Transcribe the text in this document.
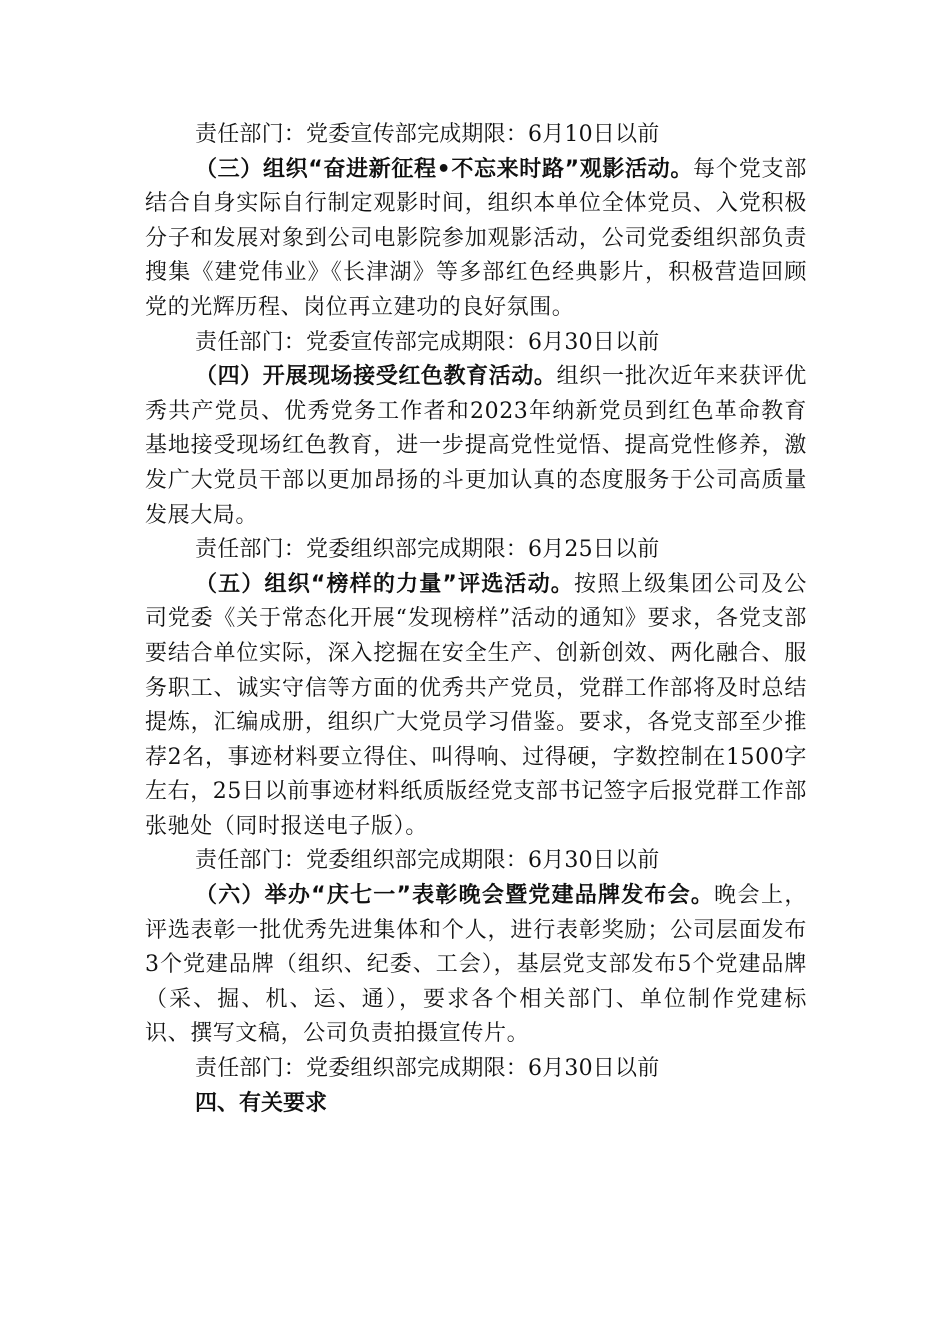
责任部门：党委宣传部完成期限：6月10日以前

（三）组织“奋进新征程•不忘来时路”观影活动。每个党支部结合自身实际自行制定观影时间，组织本单位全体党员、入党积极分子和发展对象到公司电影院参加观影活动，公司党委组织部负责搜集《建党伟业》《长津湖》等多部红色经典影片，积极营造回顾党的光辉历程、岗位再立建功的良好氛围。

责任部门：党委宣传部完成期限：6月30日以前

（四）开展现场接受红色教育活动。组织一批次近年来获评优秀共产党员、优秀党务工作者和2023年纳新党员到红色革命教育基地接受现场红色教育，进一步提高党性觉悟、提高党性修养，激发广大党员干部以更加昂扬的斗更加认真的态度服务于公司高质量发展大局。

责任部门：党委组织部完成期限：6月25日以前

（五）组织“榜样的力量”评选活动。按照上级集团公司及公司党委《关于常态化开展“发现榜样”活动的通知》要求，各党支部要结合单位实际，深入挖掘在安全生产、创新创效、两化融合、服务职工、诚实守信等方面的优秀共产党员，党群工作部将及时总结提炼，汇编成册，组织广大党员学习借鉴。要求，各党支部至少推荐2名，事迹材料要立得住、叫得响、过得硬，字数控制在1500字左右，25日以前事迹材料纸质版经党支部书记签字后报党群工作部张驰处（同时报送电子版）。

责任部门：党委组织部完成期限：6月30日以前

（六）举办“庆七一”表彰晚会暨党建品牌发布会。晚会上，评选表彰一批优秀先进集体和个人，进行表彰奖励；公司层面发布3个党建品牌（组织、纪委、工会），基层党支部发布5个党建品牌（采、掘、机、运、通），要求各个相关部门、单位制作党建标识、撰写文稿，公司负责拍摄宣传片。

责任部门：党委组织部完成期限：6月30日以前

四、有关要求
